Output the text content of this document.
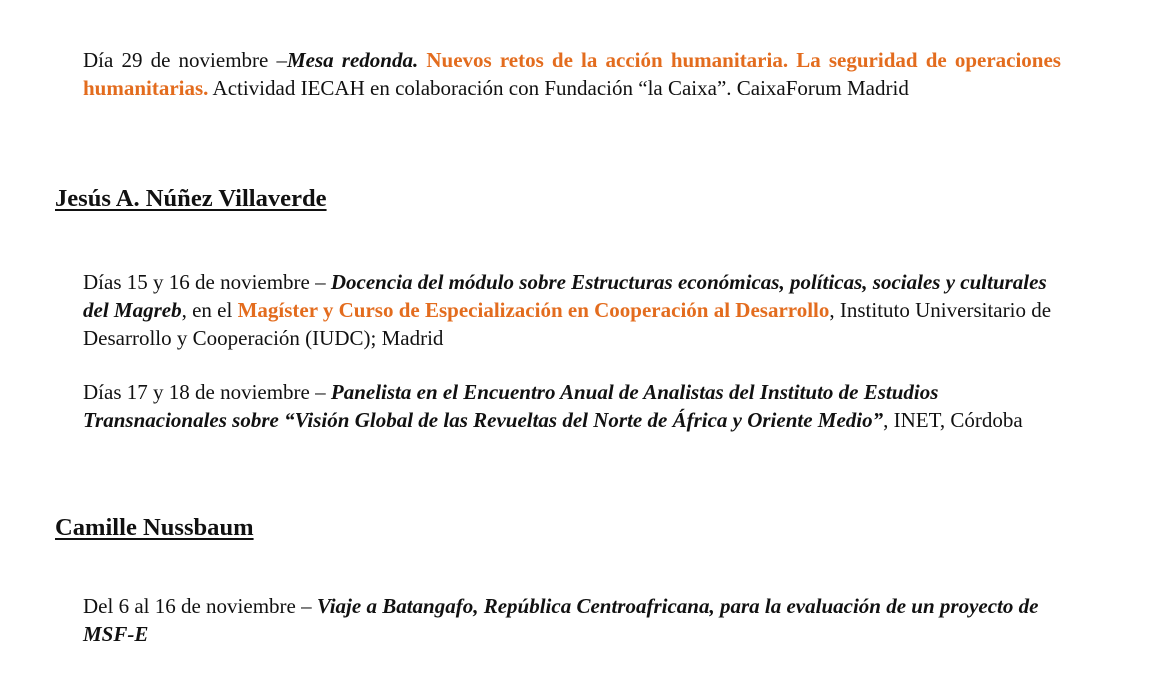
Día 29 de noviembre –Mesa redonda. Nuevos retos de la acción humanitaria. La seguridad de operaciones humanitarias. Actividad IECAH en colaboración con Fundación “la Caixa”. CaixaForum Madrid

Jesús A. Núñez Villaverde

Días 15 y 16 de noviembre – Docencia del módulo sobre Estructuras económicas, políticas, sociales y culturales del Magreb, en el Magíster y Curso de Especialización en Cooperación al Desarrollo, Instituto Universitario de Desarrollo y Cooperación (IUDC); Madrid

Días 17 y 18 de noviembre – Panelista en el Encuentro Anual de Analistas del Instituto de Estudios Transnacionales sobre “Visión Global de las Revueltas del Norte de África y Oriente Medio”, INET, Córdoba

Camille Nussbaum

Del 6 al 16 de noviembre – Viaje a Batangafo, República Centroafricana, para la evaluación de un proyecto de MSF-E
